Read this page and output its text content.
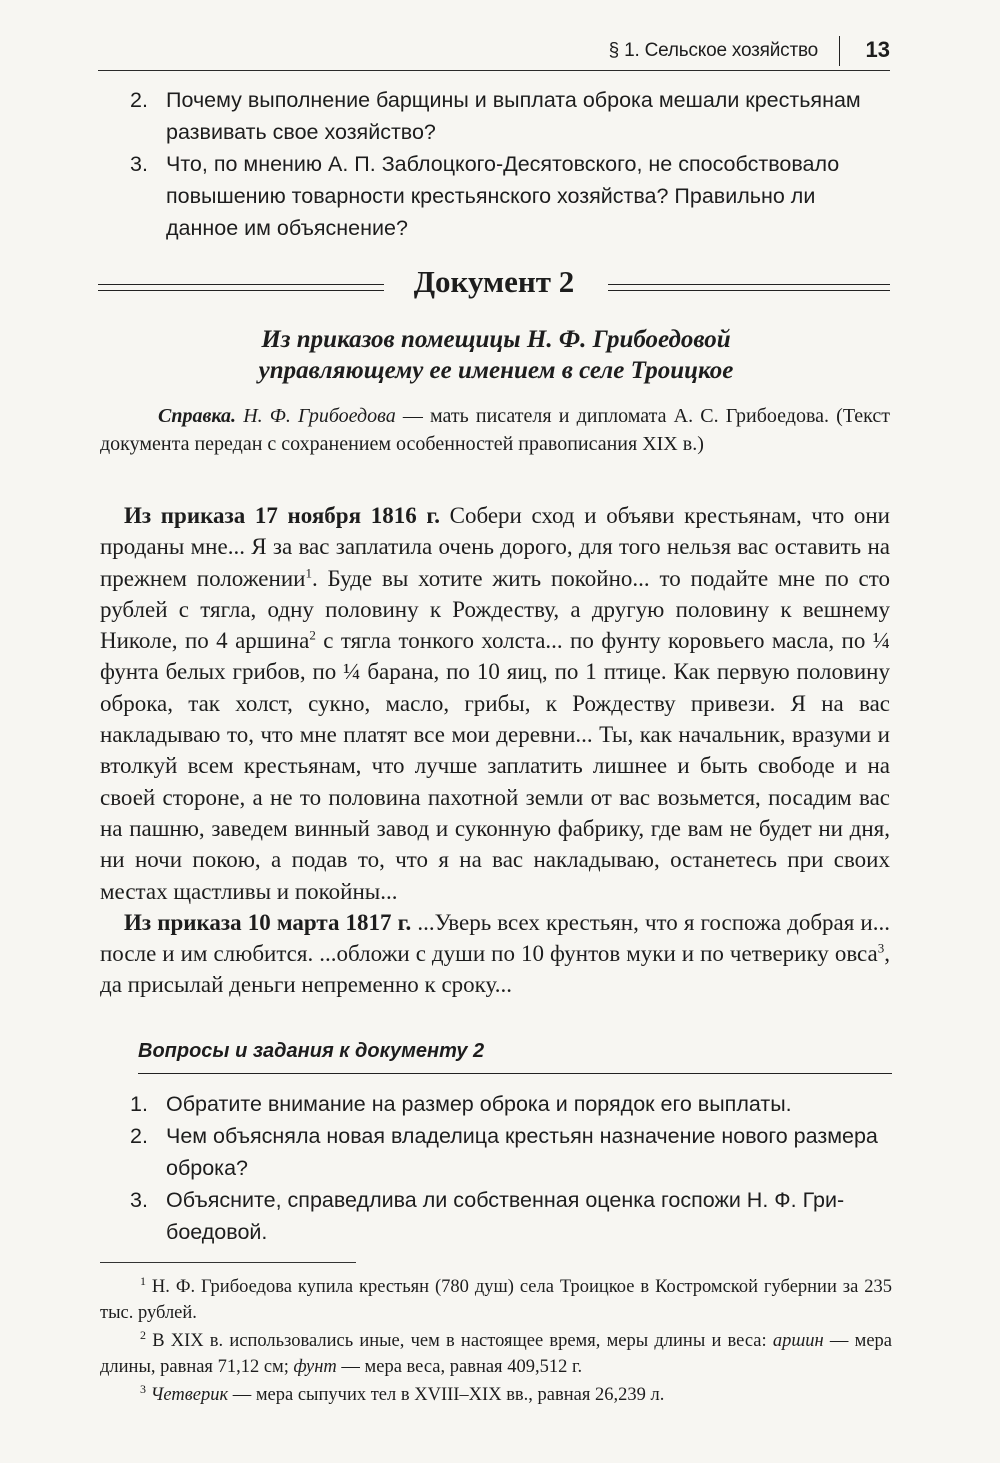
§ 1. Сельское хозяйство 13
2. Почему выполнение барщины и выплата оброка мешали крестьянам развивать свое хозяйство?
3. Что, по мнению А. П. Заблоцкого-Десятовского, не способствовало повышению товарности крестьянского хозяйства? Правильно ли данное им объяснение?
Документ 2
Из приказов помещицы Н. Ф. Грибоедовой
управляющему ее имением в селе Троицкое

Справка. Н. Ф. Грибоедова — мать писателя и дипломата А. С. Грибоедова. (Текст документа передан с сохранением особенностей правописания XIX в.)

Из приказа 17 ноября 1816 г. Собери сход и объяви крестьянам, что они проданы мне... Я за вас заплатила очень дорого, для того нельзя вас оставить на прежнем положении$^1$. Буде вы хотите жить покойно... то подайте мне по сто рублей с тягла, одну половину к Рождеству, а другую половину к вешнему Николе, по 4 аршина$^2$ с тягла тонкого холста... по фунту коровьего масла, по ¼ фунта белых грибов, по ¼ барана, по 10 яиц, по 1 птице. Как первую половину оброка, так холст, сукно, масло, грибы, к Рождеству привези. Я на вас накладываю то, что мне платят все мои деревни... Ты, как начальник, вразуми и втолкуй всем крестьянам, что лучше заплатить лишнее и быть свободе и на своей стороне, а не то половина пахотной земли от вас возьмется, посадим вас на пашню, заведем винный завод и суконную фабрику, где вам не будет ни дня, ни ночи покою, а подав то, что я на вас накладываю, останетесь при своих местах щастливы и покойны...

Из приказа 10 марта 1817 г. ...Уверь всех крестьян, что я госпожа добрая и... после и им слюбится. ...обложи с души по 10 фунтов муки и по четверику овса$^3$, да присылай деньги непременно к сроку...

Вопросы и задания к документу 2
1. Обратите внимание на размер оброка и порядок его выплаты.
2. Чем объясняла новая владелица крестьян назначение нового размера оброка?
3. Объясните, справедлива ли собственная оценка госпожи Н. Ф. Грибоедовой.

$^1$ Н. Ф. Грибоедова купила крестьян (780 душ) села Троицкое в Костромской губернии за 235 тыс. рублей.

$^2$ В XIX в. использовались иные, чем в настоящее время, меры длины и веса: аршин — мера длины, равная 71,12 см; фунт — мера веса, равная 409,512 г.

$^3$ Четверик — мера сыпучих тел в XVIII–XIX вв., равная 26,239 л.
